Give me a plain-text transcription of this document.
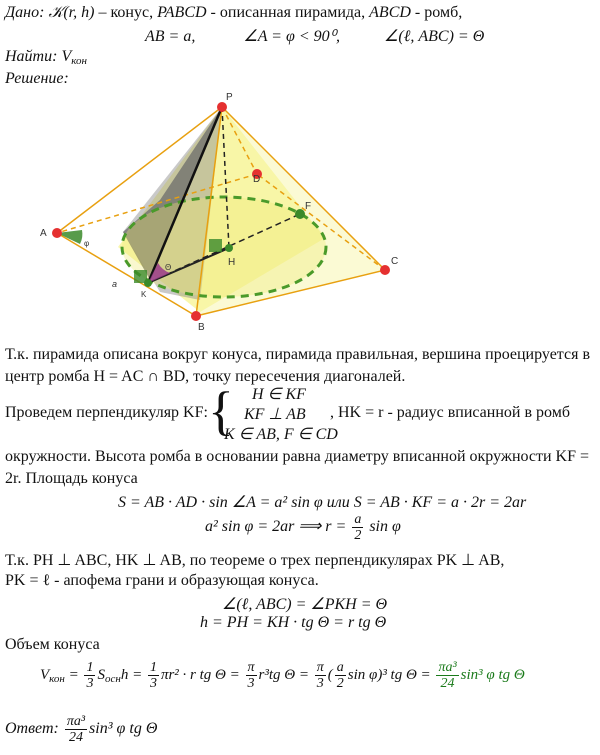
Дано: 𝒦(r, h) – конус, PABCD - описанная пирамида, ABCD - ромб,
AB = a,	∠A = φ < 90⁰,	∠(ℓ, ABC) = Θ
Найти: $V_{кон}$
Решение:
P
A
B
C
D
F
H
K
a
φ
Θ
Т.к. пирамида описана вокруг конуса, пирамида правильная, вершина проецируется в
центр ромба H = AC ∩ BD, точку пересечения диагоналей.
Проведем перпендикуляр KF: { H ∈ KF
KF ⊥ AB
K ∈ AB, F ∈ CD
, HK = r - радиус вписанной в ромб
окружности. Высота ромба в основании равна диаметру вписанной окружности KF =
2r. Площадь конуса
S = AB · AD · sin ∠A = a² sin φ или S = AB · KF = a · 2r = 2ar
a² sin φ = 2ar ⟹ $r = \frac{a}{2}$ sin φ
Т.к. PH ⊥ ABC, HK ⊥ AB, по теореме о трех перпендикулярах PK ⊥ AB,
PK = ℓ - апофема грани и образующая конуса.
∠(ℓ, ABC) = ∠PKH = Θ
h = PH = KH · tg Θ = r tg Θ
Объем конуса
$V_{кон} = \frac{1}{3} S_{осн}h = \frac{1}{3} \pi r^2 \cdot r$ tg $\Theta = \frac{\pi}{3} r^3tg$ $\Theta = \frac{\pi}{3}$ ( $\frac{a}{2}$ sin φ)³ tg $\Theta = \frac{\text{πa³}}{24} \sin^3$ φ tg Θ
Ответ: $\frac{\text{πa³}}{24} \sin^3$ φ tg Θ
